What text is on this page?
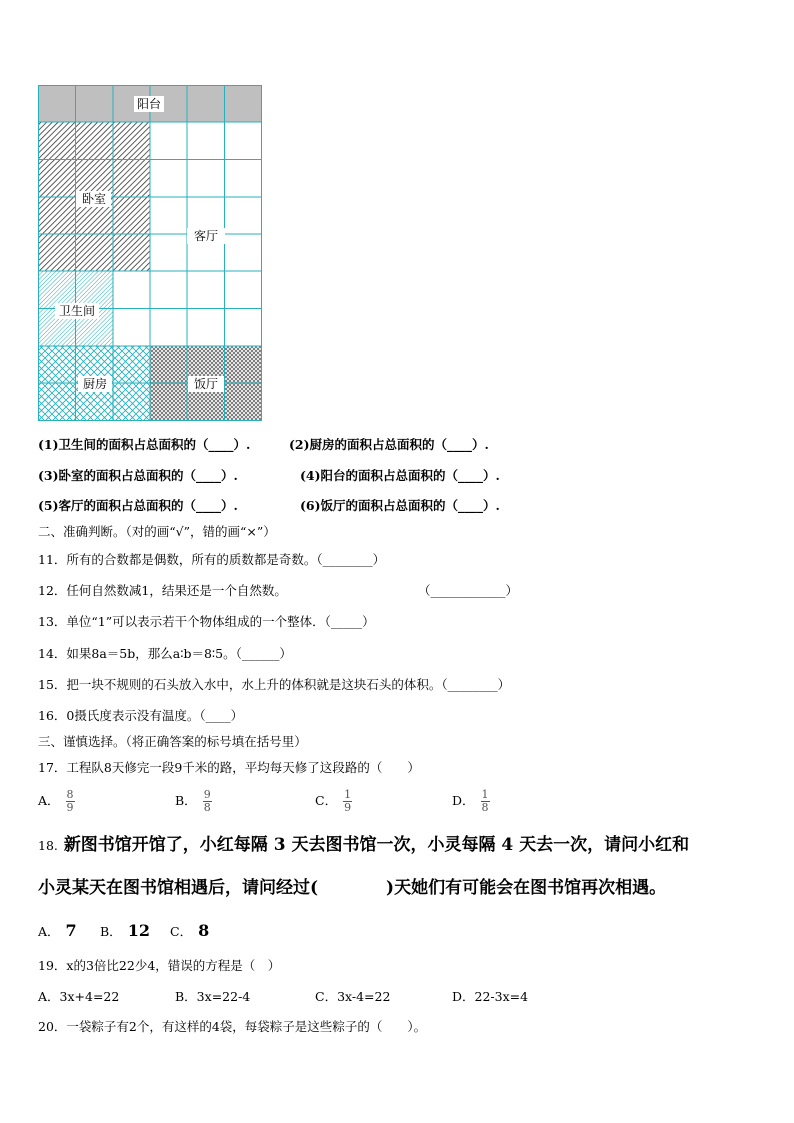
阳台
卧室
客厅
卫生间
厨房	饭厅
(1)卫生间的面积占总面积的（____）.	(2)厨房的面积占总面积的（____）.
(3)卧室的面积占总面积的（____）.	(4)阳台的面积占总面积的（____）.
(5)客厅的面积占总面积的（____）.	(6)饭厅的面积占总面积的（____）.
二、准确判断。（对的画“√”，错的画“×”）
11．所有的合数都是偶数，所有的质数都是奇数。（________）
12．任何自然数减1，结果还是一个自然数。	（____________）
13．单位“1”可以表示若干个物体组成的一个整体．（_____）
14．如果8a＝5b，那么a∶b＝8∶5。（______）
15．把一块不规则的石头放入水中，水上升的体积就是这块石头的体积。（________）
16．0摄氏度表示没有温度。（____）
三、谨慎选择。（将正确答案的标号填在括号里）
17．工程队8天修完一段9千米的路，平均每天修了这段路的（　　）
A． $\frac{8}{9}$	B． $\frac{9}{8}$	C． $\frac{1}{9}$	D． $\frac{1}{8}$
18. 新图书馆开馆了，小红每隔 3 天去图书馆一次，小灵每隔 4 天去一次，请问小红和
小灵某天在图书馆相遇后，请问经过(　　　　)天她们有可能会在图书馆再次相遇。
A． 7 B． 12 C． 8
19．x的3倍比22少4，错误的方程是（　）
A．3x+4=22	B．3x=22-4	C．3x-4=22	D．22-3x=4
20．一袋粽子有2个，有这样的4袋，每袋粽子是这些粽子的（　　）。
